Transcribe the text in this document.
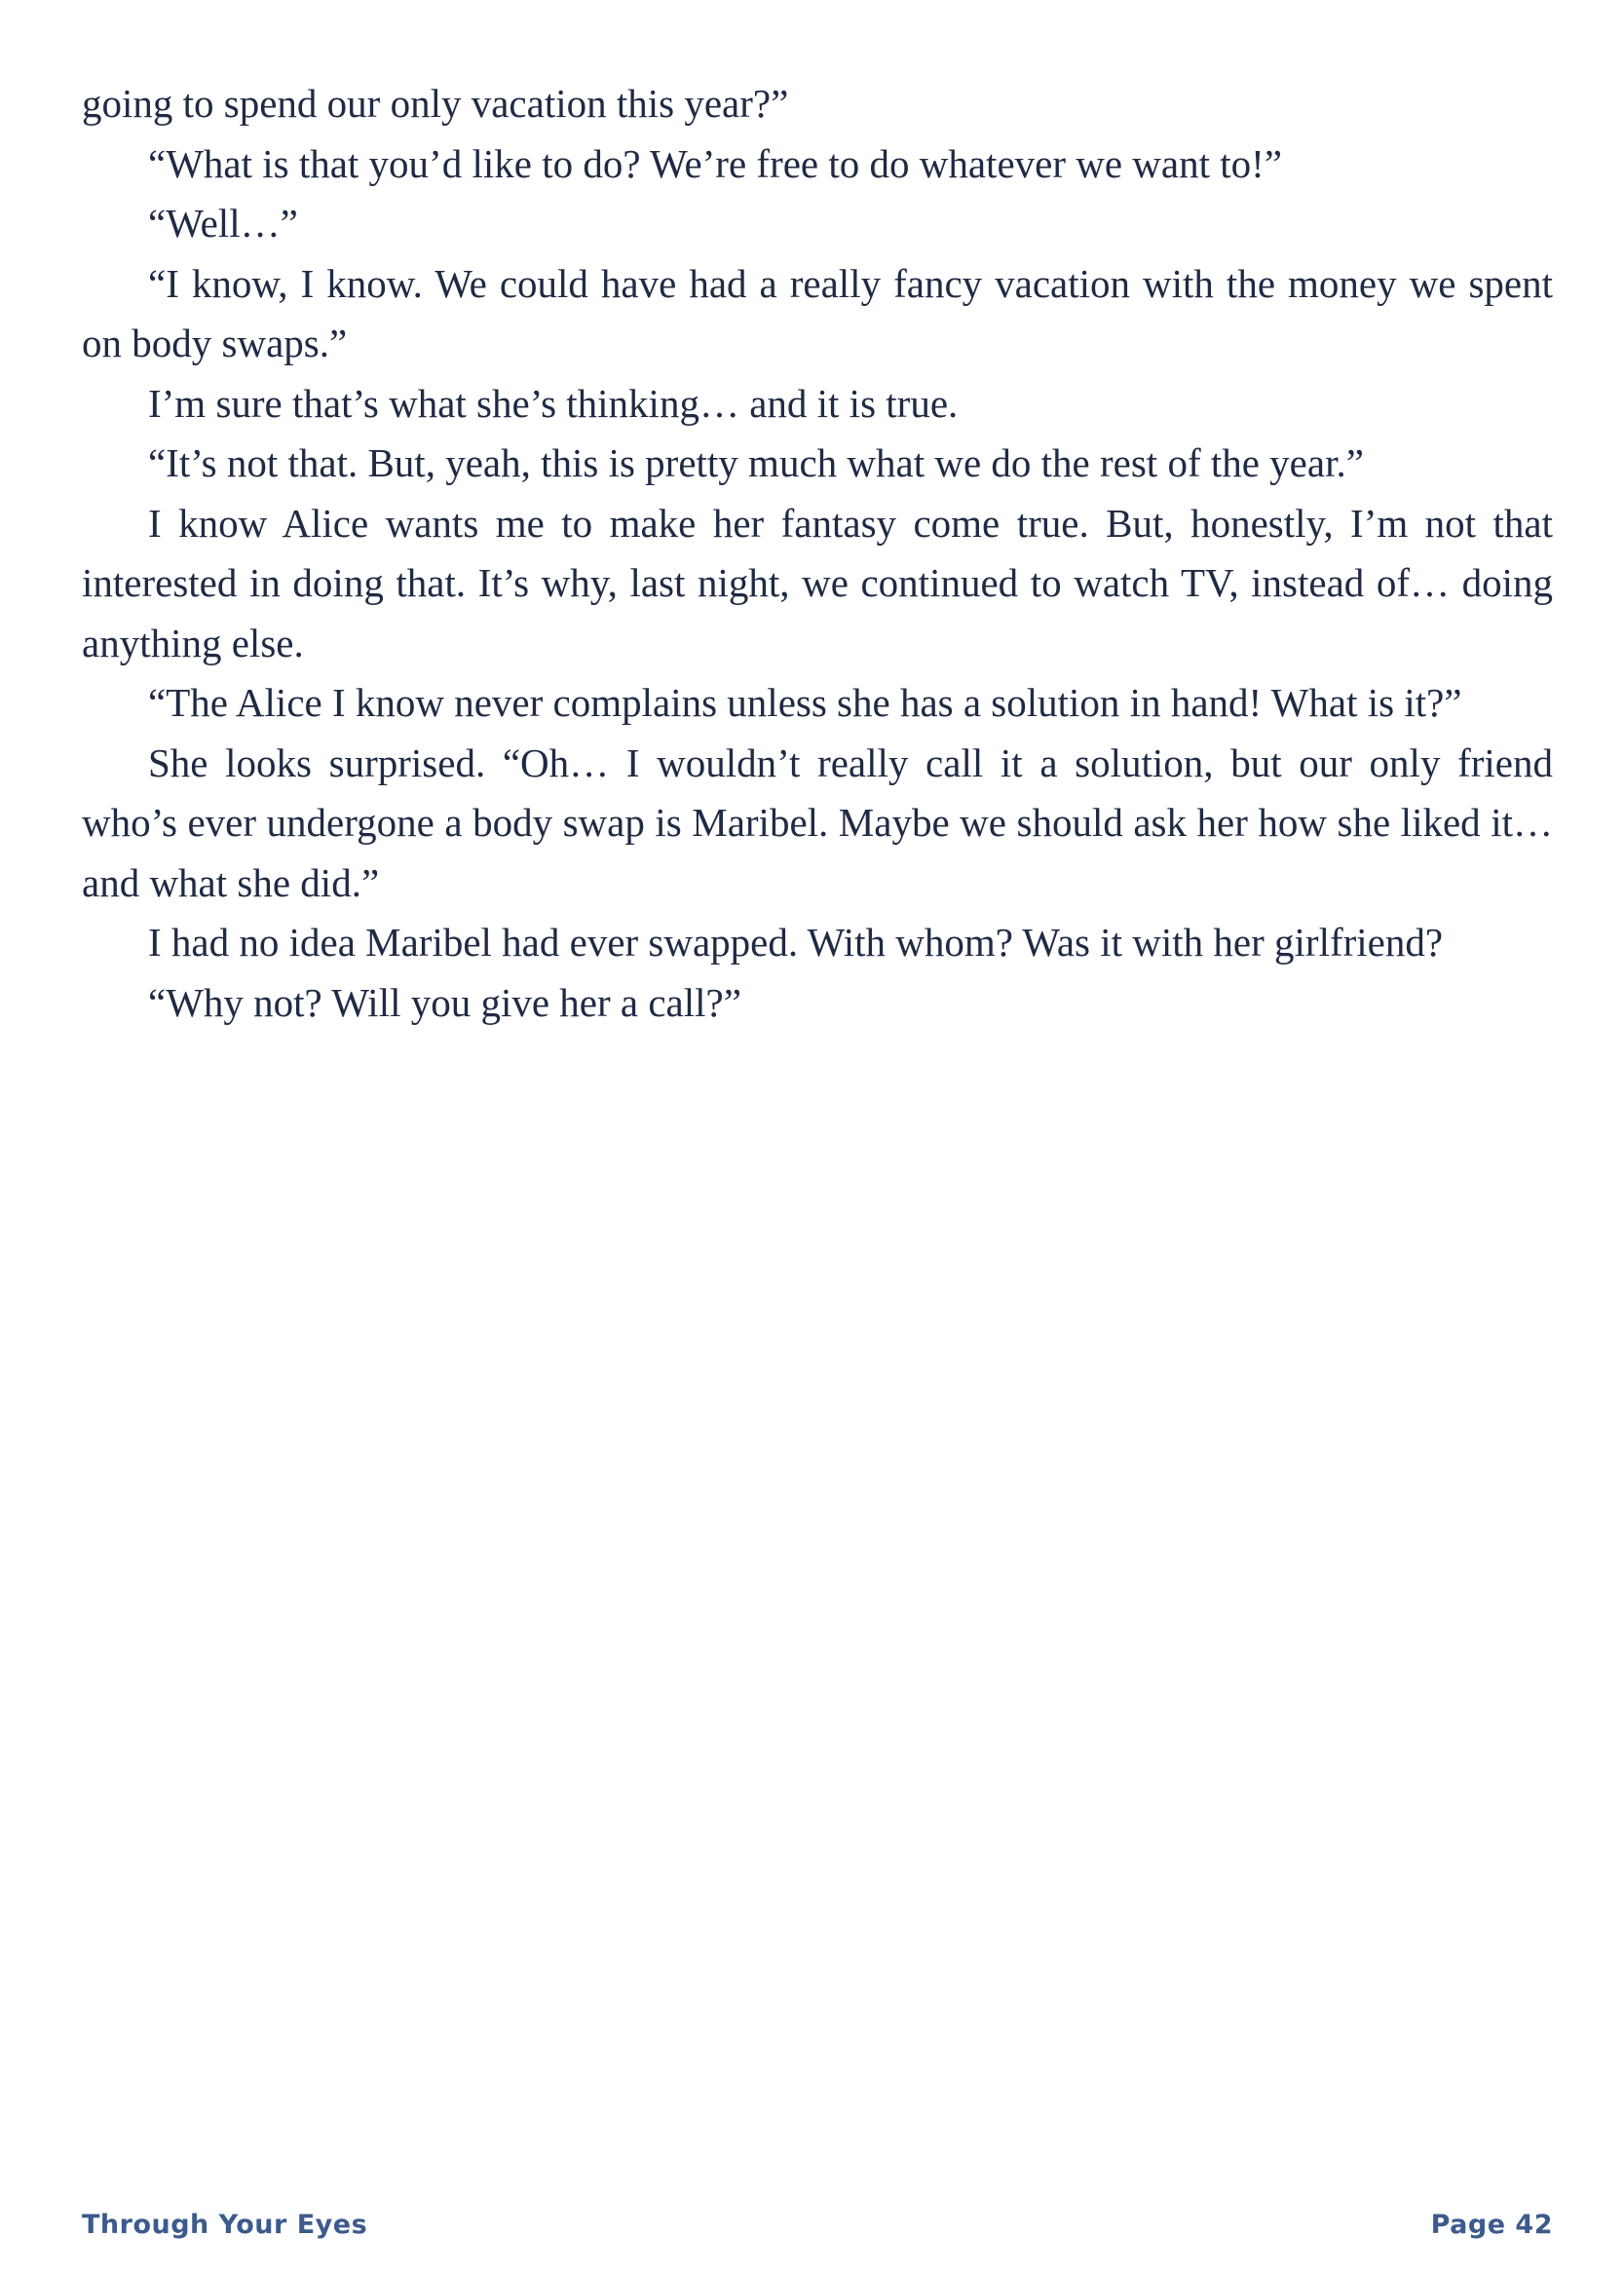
going to spend our only vacation this year?”

“What is that you’d like to do? We’re free to do whatever we want to!”

“Well…”

“I know, I know. We could have had a really fancy vacation with the money we spent on body swaps.”

I’m sure that’s what she’s thinking… and it is true.

“It’s not that. But, yeah, this is pretty much what we do the rest of the year.”

I know Alice wants me to make her fantasy come true. But, honestly, I’m not that interested in doing that. It’s why, last night, we continued to watch TV, instead of… doing anything else.

“The Alice I know never complains unless she has a solution in hand! What is it?”

She looks surprised. “Oh… I wouldn’t really call it a solution, but our only friend who’s ever undergone a body swap is Maribel. Maybe we should ask her how she liked it… and what she did.”

I had no idea Maribel had ever swapped. With whom? Was it with her girlfriend?

“Why not? Will you give her a call?”

Through Your Eyes	Page 42
